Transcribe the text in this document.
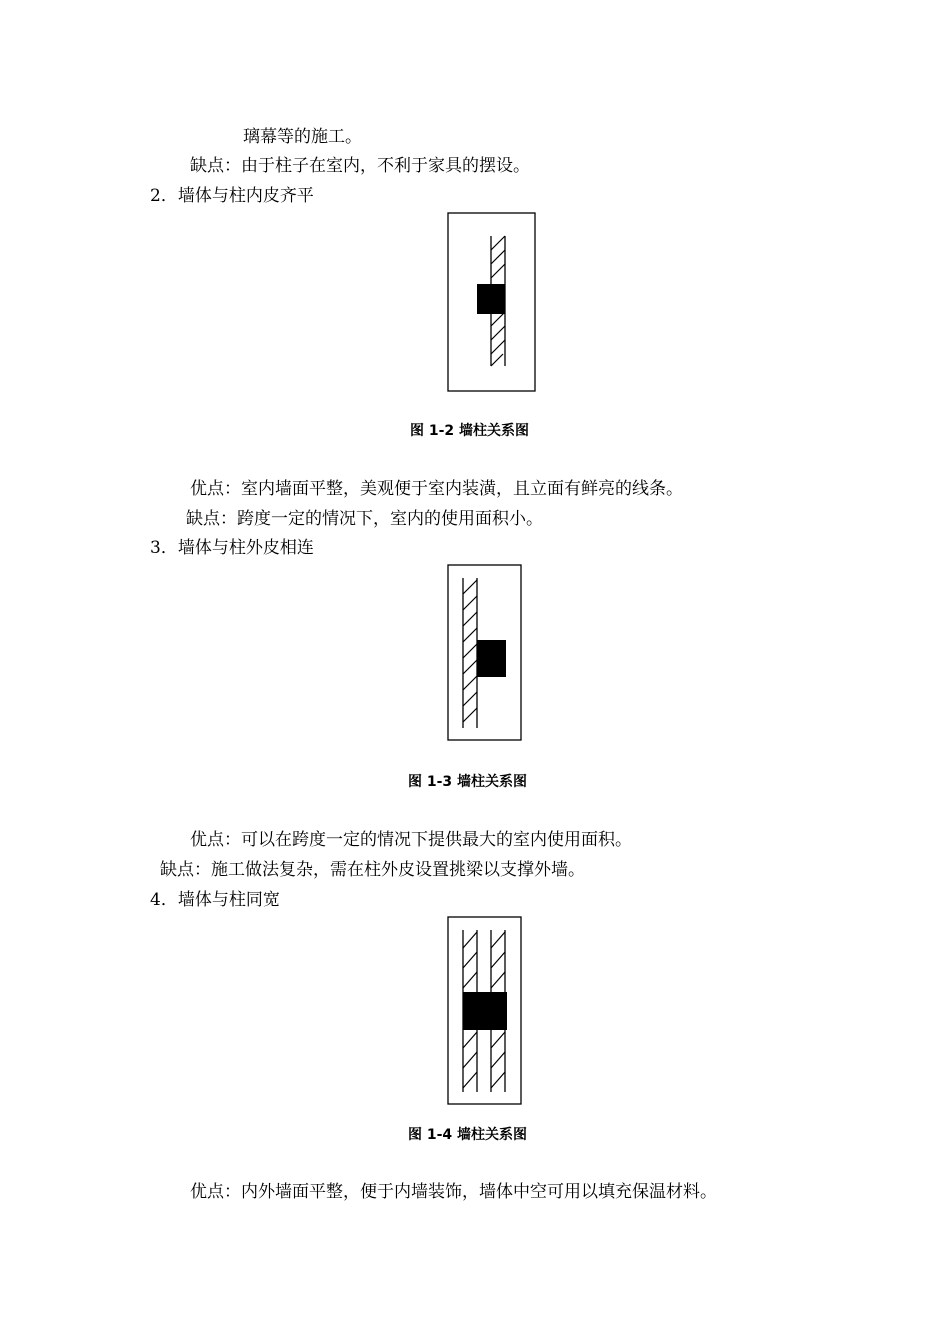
璃幕等的施工。
缺点：由于柱子在室内，不利于家具的摆设。
2．墙体与柱内皮齐平
图 1-2 墙柱关系图
优点：室内墙面平整，美观便于室内装潢，且立面有鲜亮的线条。
缺点：跨度一定的情况下，室内的使用面积小。
3．墙体与柱外皮相连
图 1-3 墙柱关系图
优点：可以在跨度一定的情况下提供最大的室内使用面积。
缺点：施工做法复杂，需在柱外皮设置挑梁以支撑外墙。
4．墙体与柱同宽
图 1-4 墙柱关系图
优点：内外墙面平整，便于内墙装饰，墙体中空可用以填充保温材料。
